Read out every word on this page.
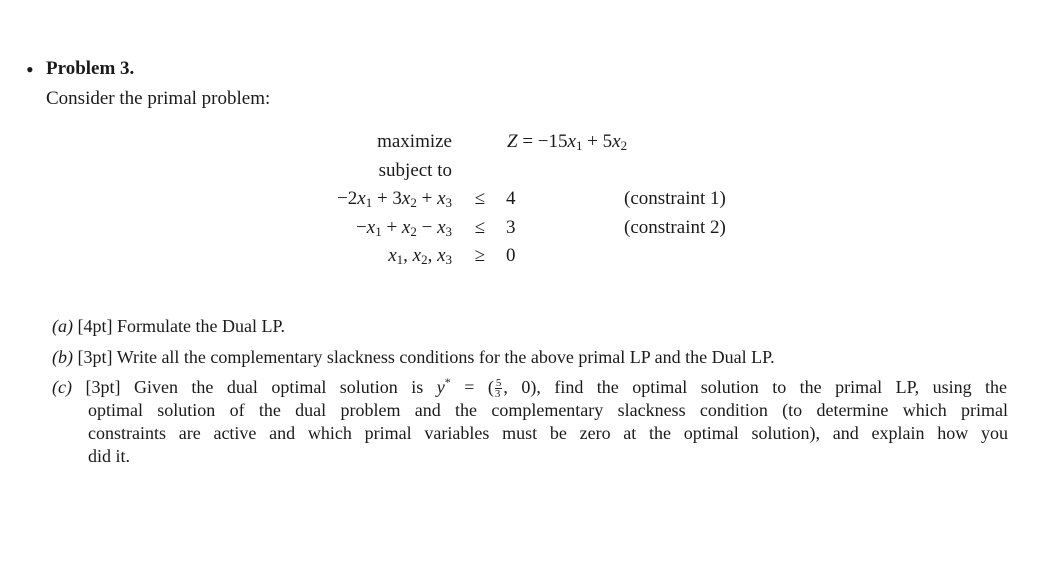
• Problem 3.
Consider the primal problem:
maximize	$Z = -15x_1 + 5x_2$
subject to
$-2x_1 + 3x_2 + x_3 \le 4$	(constraint 1)
$-x_1 + x_2 - x_3 \le 3$	(constraint 2)
$x_1$, $x_2$, $x_3 \ge 0$
(a) [4pt] Formulate the Dual LP.
(b) [3pt] Write all the complementary slackness conditions for the above primal LP and the Dual LP.
(c) [3pt] Given the dual optimal solution is y* = ( $\frac{5}{3}$ , 0), find the optimal solution to the primal LP, using the
optimal solution of the dual problem and the complementary slackness condition (to determine which primal
constraints are active and which primal variables must be zero at the optimal solution), and explain how you
did it.
